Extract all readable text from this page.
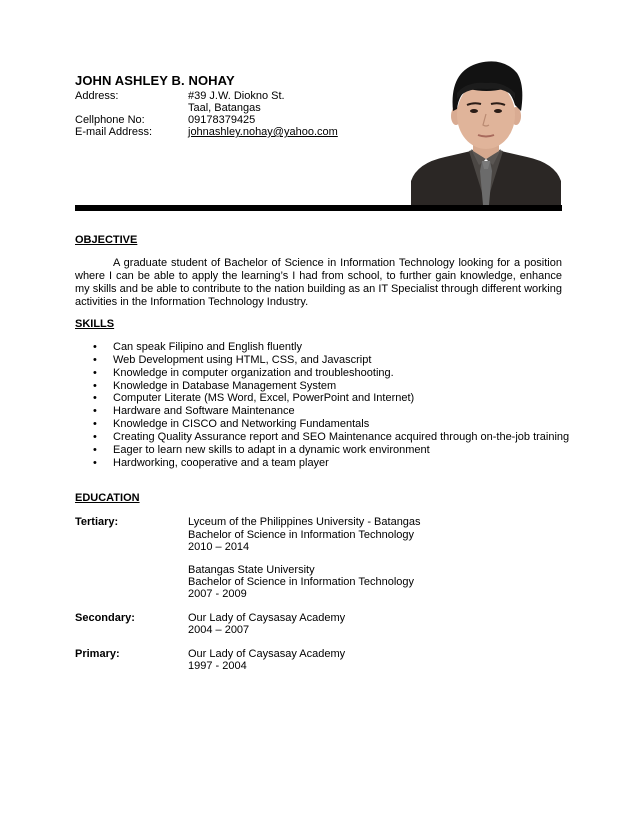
JOHN ASHLEY B. NOHAY
Address:	#39 J.W. Diokno St.
Taal, Batangas
Cellphone No:	09178379425
E-mail Address:	johnashley.nohay@yahoo.com
OBJECTIVE
A graduate student of Bachelor of Science in Information Technology looking for a position where I can be able to apply the learning’s I had from school, to further gain knowledge, enhance my skills and be able to contribute to the nation building as an IT Specialist through different working activities in the Information Technology Industry.
SKILLS
• Can speak Filipino and English fluently
• Web Development using HTML, CSS, and Javascript
• Knowledge in computer organization and troubleshooting.
• Knowledge in Database Management System
• Computer Literate (MS Word, Excel, PowerPoint and Internet)
• Hardware and Software Maintenance
• Knowledge in CISCO and Networking Fundamentals
• Creating Quality Assurance report and SEO Maintenance acquired through on-the-job training
• Eager to learn new skills to adapt in a dynamic work environment
• Hardworking, cooperative and a team player
EDUCATION
Tertiary:	Lyceum of the Philippines University - Batangas
Bachelor of Science in Information Technology
2010 – 2014
Batangas State University
Bachelor of Science in Information Technology
2007 - 2009
Secondary:	Our Lady of Caysasay Academy
2004 – 2007
Primary:	Our Lady of Caysasay Academy
1997 - 2004
